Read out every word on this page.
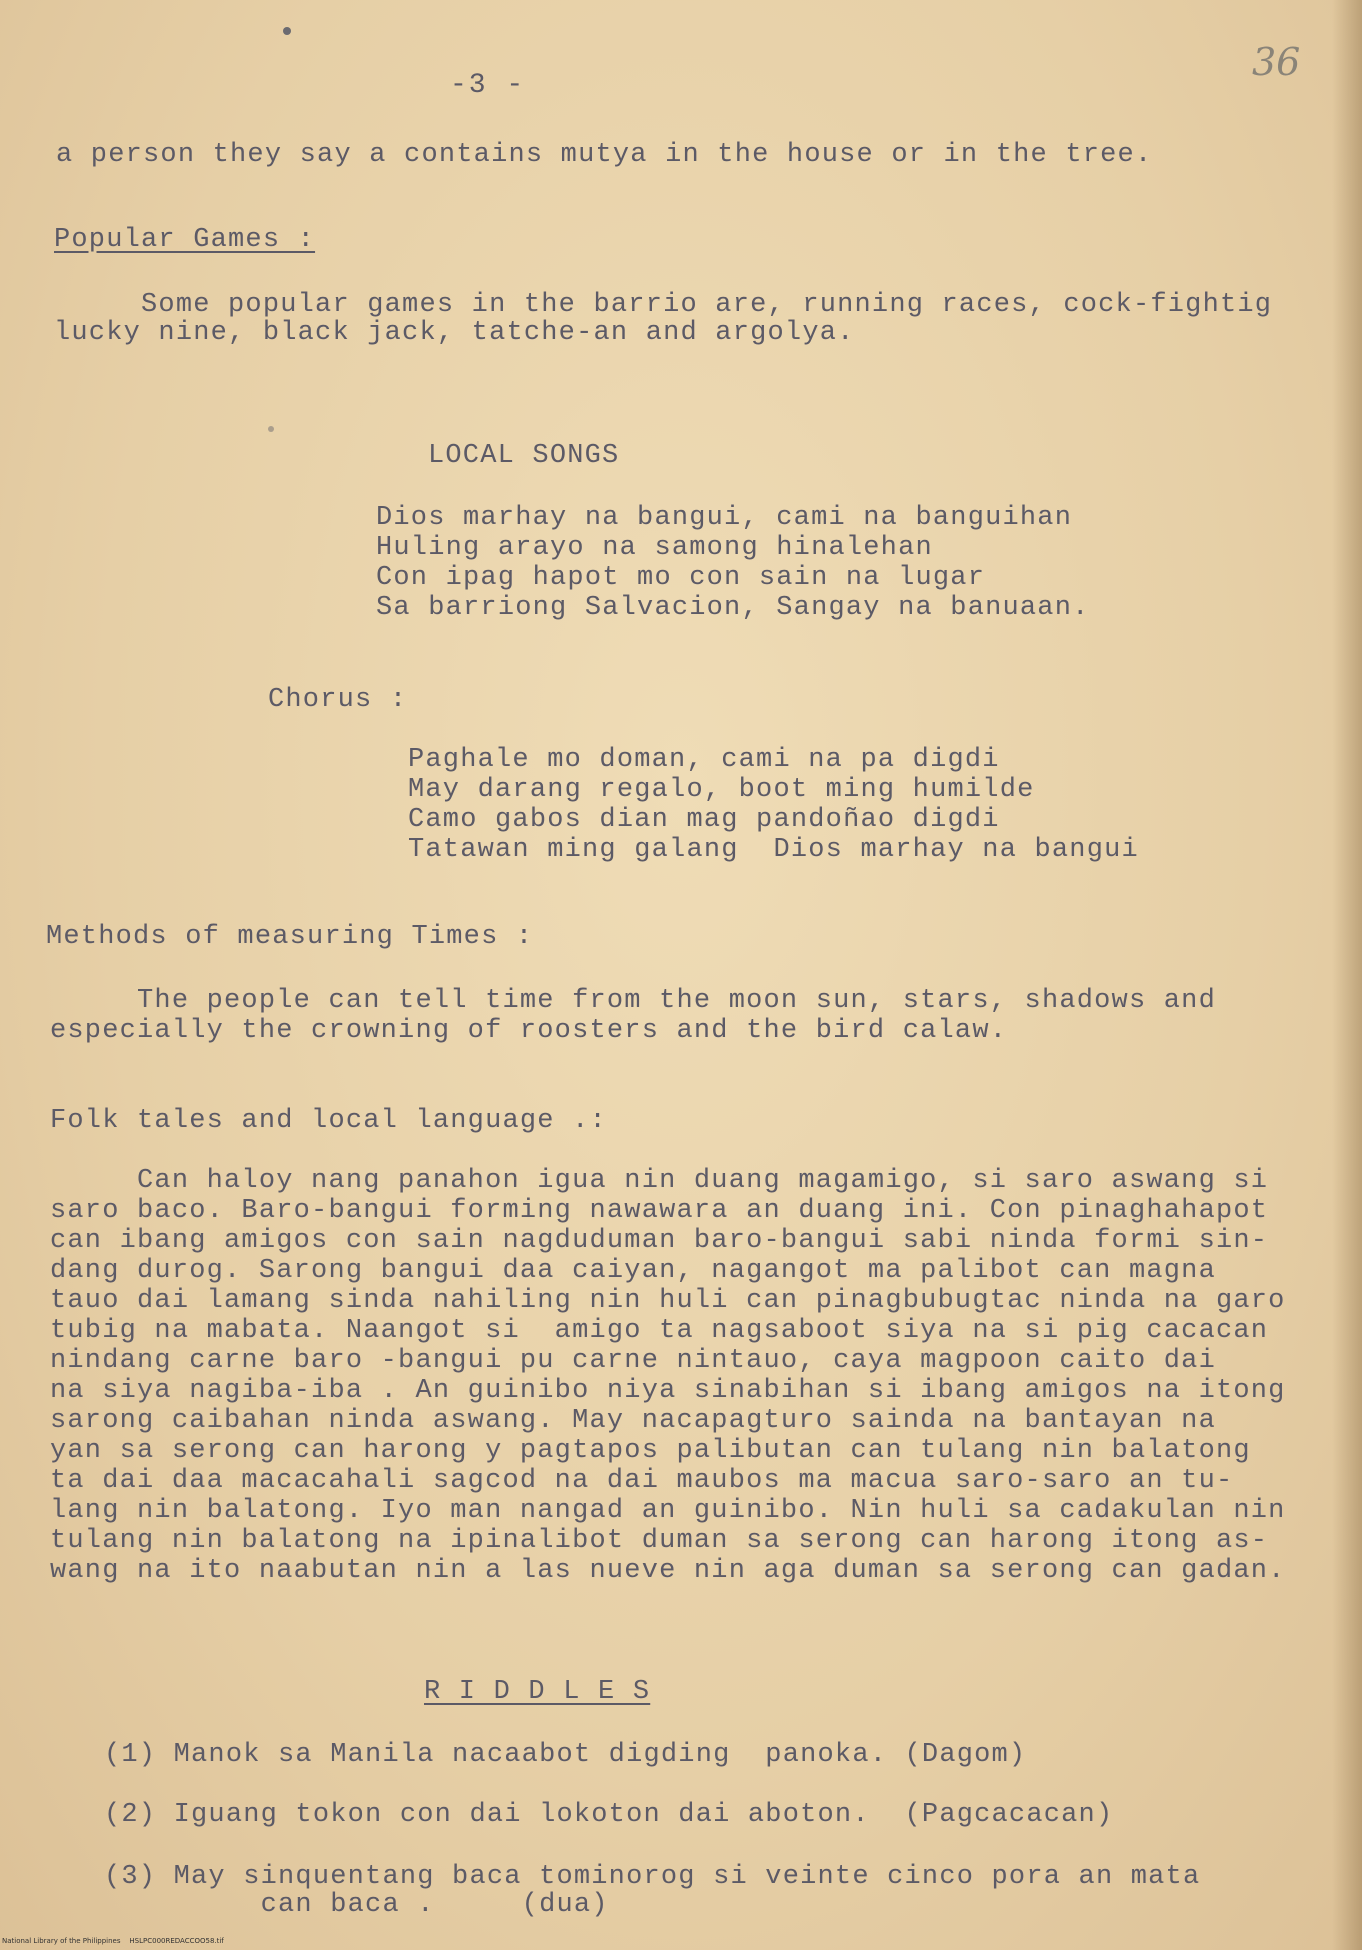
-3 -
36
a person they say a contains mutya in the house or in the tree.
Popular Games :
Some popular games in the barrio are, running races, cock-fightig
lucky nine, black jack, tatche-an and argolya.
LOCAL SONGS
Dios marhay na bangui, cami na banguihan
Huling arayo na samong hinalehan
Con ipag hapot mo con sain na lugar
Sa barriong Salvacion, Sangay na banuaan.
Chorus :
Paghale mo doman, cami na pa digdi
May darang regalo, boot ming humilde
Camo gabos dian mag pandoñao digdi
Tatawan ming galang  Dios marhay na bangui
Methods of measuring Times :
The people can tell time from the moon sun, stars, shadows and
especially the crowning of roosters and the bird calaw.
Folk tales and local language .:
Can haloy nang panahon igua nin duang magamigo, si saro aswang si
saro baco. Baro-bangui forming nawawara an duang ini. Con pinaghahapot
can ibang amigos con sain nagduduman baro-bangui sabi ninda formi sin-
dang durog. Sarong bangui daa caiyan, nagangot ma palibot can magna
tauo dai lamang sinda nahiling nin huli can pinagbubugtac ninda na garo
tubig na mabata. Naangot si  amigo ta nagsaboot siya na si pig cacacan
nindang carne baro -bangui pu carne nintauo, caya magpoon caito dai
na siya nagiba-iba . An guinibo niya sinabihan si ibang amigos na itong
sarong caibahan ninda aswang. May nacapagturo sainda na bantayan na
yan sa serong can harong y pagtapos palibutan can tulang nin balatong
ta dai daa macacahali sagcod na dai maubos ma macua saro-saro an tu-
lang nin balatong. Iyo man nangad an guinibo. Nin huli sa cadakulan nin
tulang nin balatong na ipinalibot duman sa serong can harong itong as-
wang na ito naabutan nin a las nueve nin aga duman sa serong can gadan.
R I D D L E S
(1) Manok sa Manila nacaabot digding  panoka. (Dagom)
(2) Iguang tokon con dai lokoton dai aboton.  (Pagcacacan)
(3) May sinquentang baca tominorog si veinte cinco pora an mata
can baca .     (dua)
National Library of the Philippines    HSLPC000REDACCOO58.tif
